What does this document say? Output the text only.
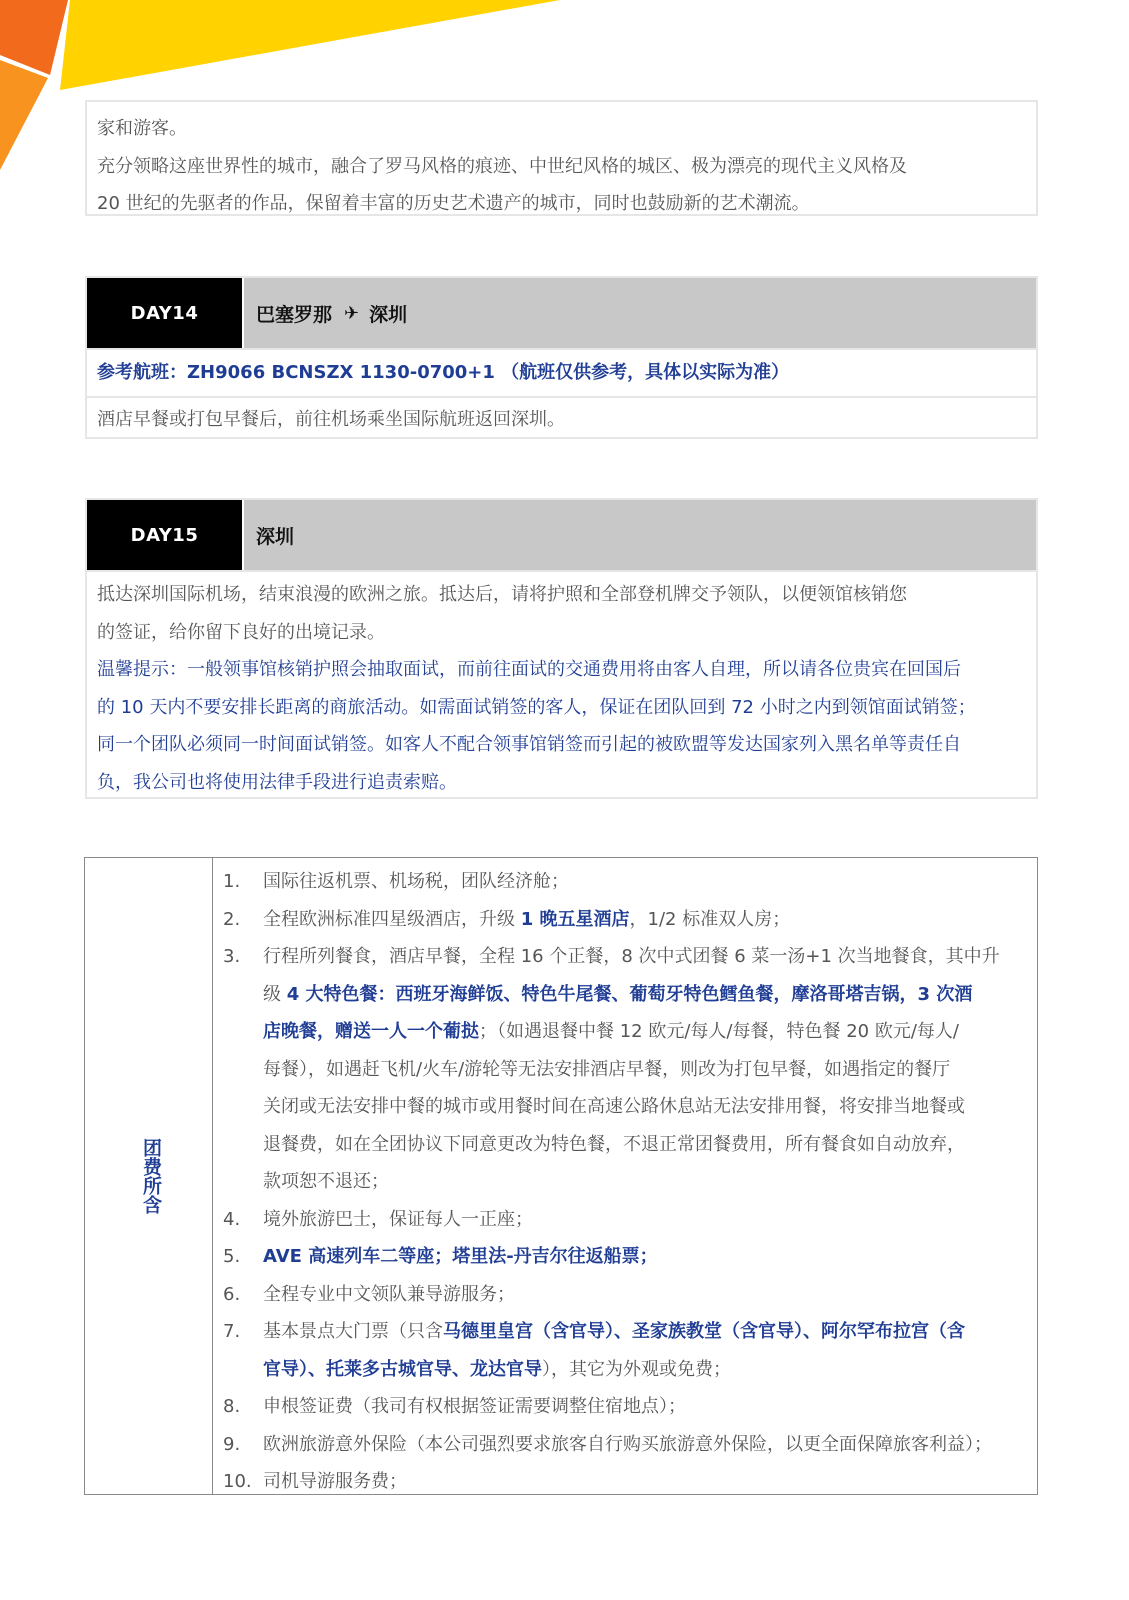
家和游客。
充分领略这座世界性的城市，融合了罗马风格的痕迹、中世纪风格的城区、极为漂亮的现代主义风格及
20 世纪的先驱者的作品，保留着丰富的历史艺术遗产的城市，同时也鼓励新的艺术潮流。
DAY14	巴塞罗那 ✈ 深圳
参考航班：ZH9066 BCNSZX 1130-0700+1 （航班仅供参考，具体以实际为准）
酒店早餐或打包早餐后，前往机场乘坐国际航班返回深圳。
DAY15	深圳
抵达深圳国际机场，结束浪漫的欧洲之旅。抵达后，请将护照和全部登机牌交予领队，以便领馆核销您
的签证，给你留下良好的出境记录。
温馨提示：一般领事馆核销护照会抽取面试，而前往面试的交通费用将由客人自理，所以请各位贵宾在回国后
的 10 天内不要安排长距离的商旅活动。如需面试销签的客人，保证在团队回到 72 小时之内到领馆面试销签；
同一个团队必须同一时间面试销签。如客人不配合领事馆销签而引起的被欧盟等发达国家列入黑名单等责任自
负，我公司也将使用法律手段进行追责索赔。
团费所含
1.	国际往返机票、机场税，团队经济舱；
2.	全程欧洲标准四星级酒店，升级 1 晚五星酒店，1/2 标准双人房；
3.	行程所列餐食，酒店早餐，全程 16 个正餐，8 次中式团餐 6 菜一汤+1 次当地餐食，其中升
级 4 大特色餐：西班牙海鲜饭、特色牛尾餐、葡萄牙特色鳕鱼餐，摩洛哥塔吉锅，3 次酒
店晚餐，赠送一人一个葡挞；（如遇退餐中餐 12 欧元/每人/每餐，特色餐 20 欧元/每人/
每餐），如遇赶飞机/火车/游轮等无法安排酒店早餐，则改为打包早餐，如遇指定的餐厅
关闭或无法安排中餐的城市或用餐时间在高速公路休息站无法安排用餐，将安排当地餐或
退餐费，如在全团协议下同意更改为特色餐，不退正常团餐费用，所有餐食如自动放弃，
款项恕不退还；
4.	境外旅游巴士，保证每人一正座；
5.	AVE 高速列车二等座；塔里法-丹吉尔往返船票；
6.	全程专业中文领队兼导游服务；
7.	基本景点大门票（只含马德里皇宫（含官导）、圣家族教堂（含官导）、阿尔罕布拉宫（含
官导）、托莱多古城官导、龙达官导），其它为外观或免费；
8.	申根签证费（我司有权根据签证需要调整住宿地点）；
9.	欧洲旅游意外保险（本公司强烈要求旅客自行购买旅游意外保险，以更全面保障旅客利益）；
10. 司机导游服务费；
